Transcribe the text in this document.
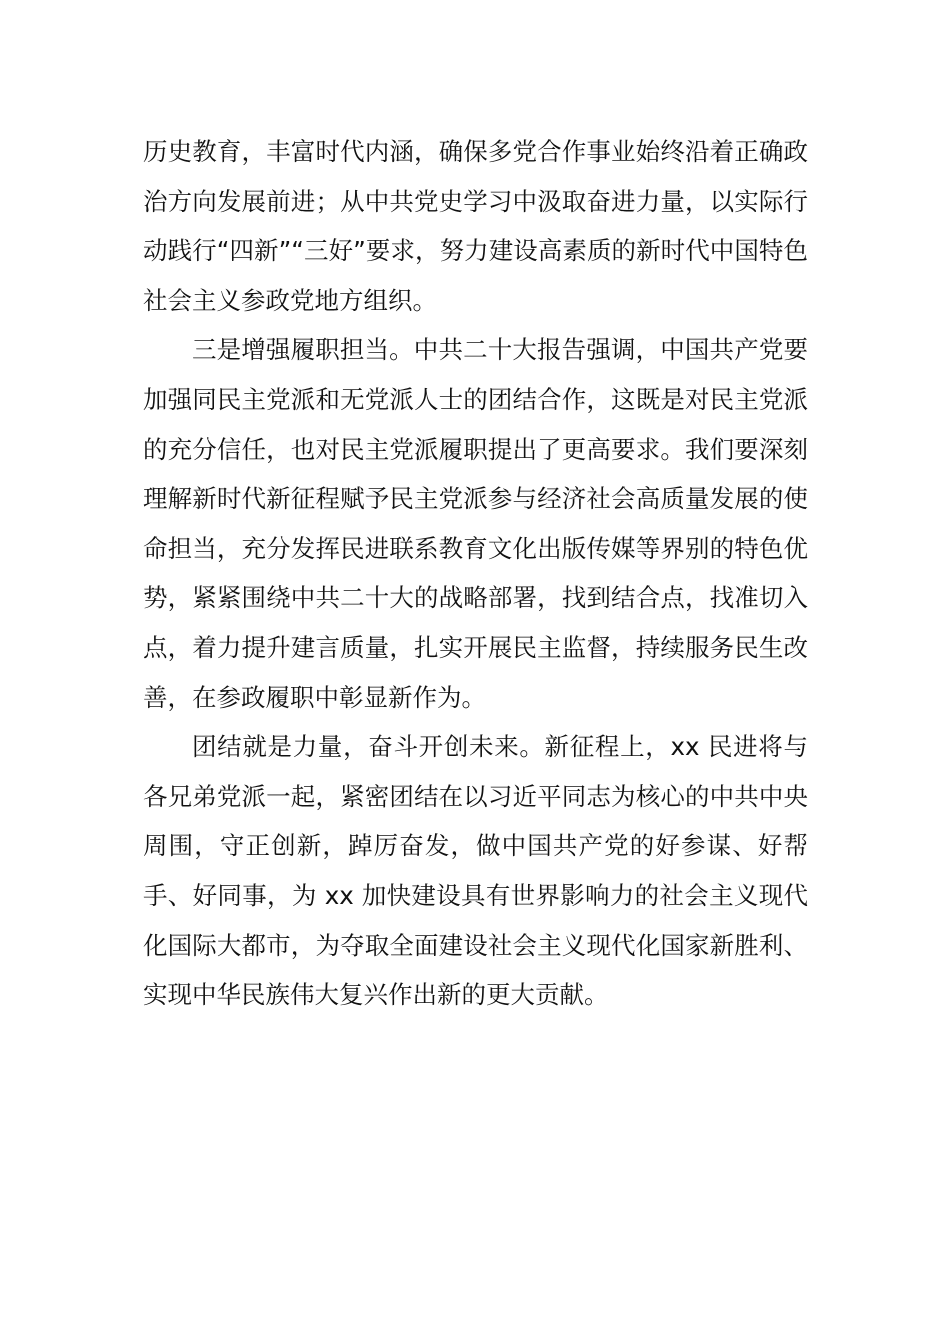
历史教育，丰富时代内涵，确保多党合作事业始终沿着正确政治方向发展前进；从中共党史学习中汲取奋进力量，以实际行动践行“四新”“三好”要求，努力建设高素质的新时代中国特色社会主义参政党地方组织。

三是增强履职担当。中共二十大报告强调，中国共产党要加强同民主党派和无党派人士的团结合作，这既是对民主党派的充分信任，也对民主党派履职提出了更高要求。我们要深刻理解新时代新征程赋予民主党派参与经济社会高质量发展的使命担当，充分发挥民进联系教育文化出版传媒等界别的特色优势，紧紧围绕中共二十大的战略部署，找到结合点，找准切入点，着力提升建言质量，扎实开展民主监督，持续服务民生改善，在参政履职中彰显新作为。

团结就是力量，奋斗开创未来。新征程上，xx 民进将与各兄弟党派一起，紧密团结在以习近平同志为核心的中共中央周围，守正创新，踔厉奋发，做中国共产党的好参谋、好帮手、好同事，为 xx 加快建设具有世界影响力的社会主义现代化国际大都市，为夺取全面建设社会主义现代化国家新胜利、实现中华民族伟大复兴作出新的更大贡献。
